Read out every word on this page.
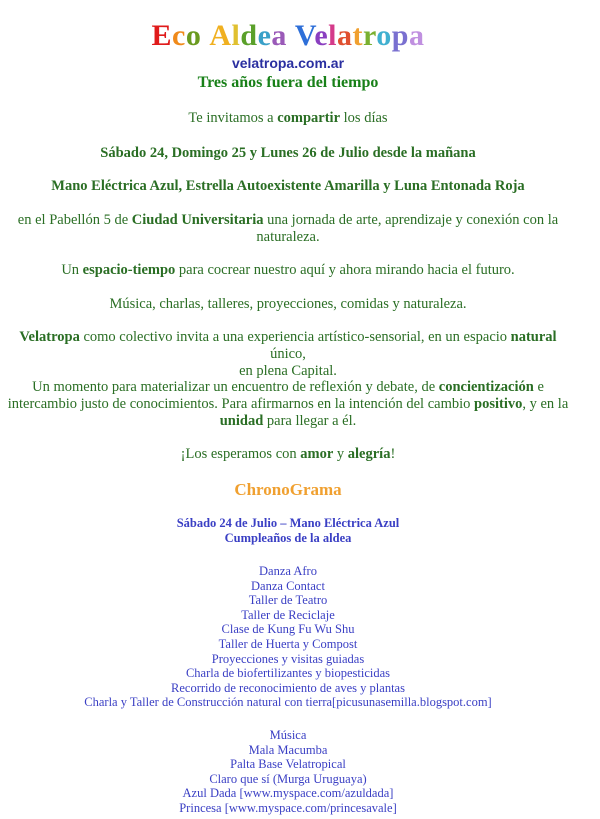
Eco Aldea Velatropa
velatropa.com.ar
Tres años fuera del tiempo
Te invitamos a compartir los días
Sábado 24, Domingo 25 y Lunes 26 de Julio desde la mañana
Mano Eléctrica Azul, Estrella Autoexistente Amarilla y Luna Entonada Roja
en el Pabellón 5 de Ciudad Universitaria una jornada de arte, aprendizaje y conexión con la
naturaleza.
Un espacio-tiempo para cocrear nuestro aquí y ahora mirando hacia el futuro.
Música, charlas, talleres, proyecciones, comidas y naturaleza.
Velatropa como colectivo invita a una experiencia artístico-sensorial, en un espacio natural único,
en plena Capital.
Un momento para materializar un encuentro de reflexión y debate, de concientización e
intercambio justo de conocimientos. Para afirmarnos en la intención del cambio positivo, y en la
unidad para llegar a él.
¡Los esperamos con amor y alegría!
ChronoGrama
Sábado 24 de Julio – Mano Eléctrica Azul
Cumpleaños de la aldea
Danza Afro
Danza Contact
Taller de Teatro
Taller de Reciclaje
Clase de Kung Fu Wu Shu
Taller de Huerta y Compost
Proyecciones y visitas guiadas
Charla de biofertilizantes y biopesticidas
Recorrido de reconocimiento de aves y plantas
Charla y Taller de Construcción natural con tierra[picusunasemilla.blogspot.com]
Música
Mala Macumba
Palta Base Velatropical
Claro que sí (Murga Uruguaya)
Azul Dada [www.myspace.com/azuldada]
Princesa [www.myspace.com/princesavale]
